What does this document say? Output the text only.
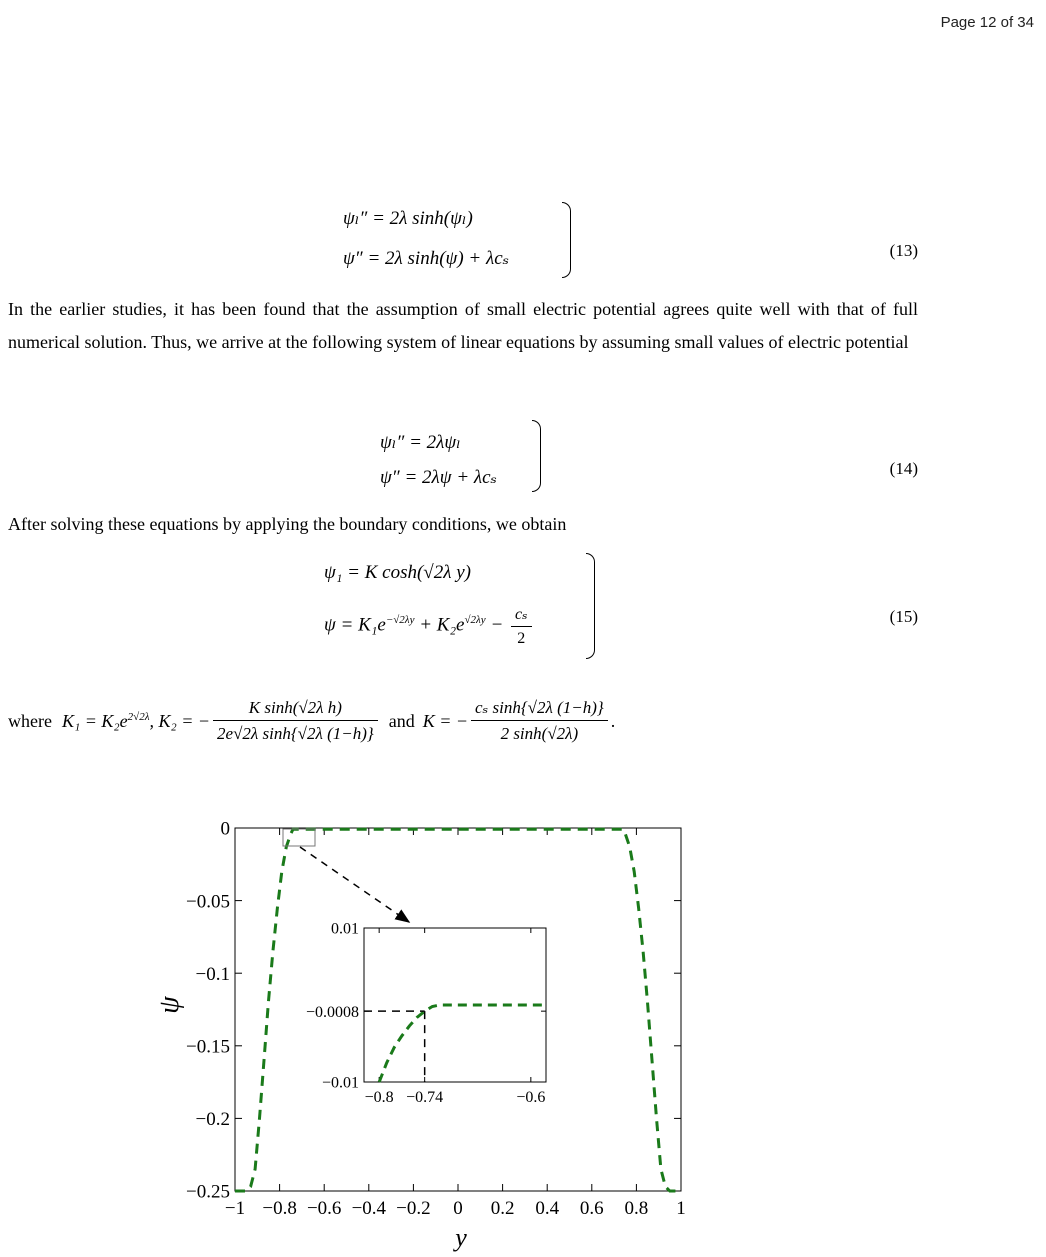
Page 12 of 34
ψₗ″ = 2λ sinh(ψₗ)
ψ″ = 2λ sinh(ψ) + λcₛ	(13)
In the earlier studies, it has been found that the assumption of small electric potential agrees quite well with that of full numerical solution. Thus, we arrive at the following system of linear equations by assuming small values of electric potential
ψₗ″ = 2λψₗ
ψ″ = 2λψ + λcₛ	(14)
After solving these equations by applying the boundary conditions, we obtain
ψ₁ = K cosh(√2λ y)
$\psi = K_1e^{-√2\lambda y} + K_2e^{√2\lambda y} - \frac{\text{cₛ}}{2}$	(15)
where $K_1 = K_2e^{2√2\lambda}$ , K₂ = − $\frac{\text{K sinh(√2λ h)}}{\text{2e√2λ sinh\{√2λ (1−h)\}}}$ and K = − $\frac{\text{cₛ sinh\{√2λ (1−h)\}}}{2 \sinh(√2\lambda)}$ .
−1 −0.8 −0.6 −0.4 −0.2 0 0.2 0.4 0.6 0.8 1
0
−0.05
−0.1
−0.15
−0.2
−0.25
y
ψ
−0.8 −0.74	−0.6
0.01
−0.0008
−0.01
